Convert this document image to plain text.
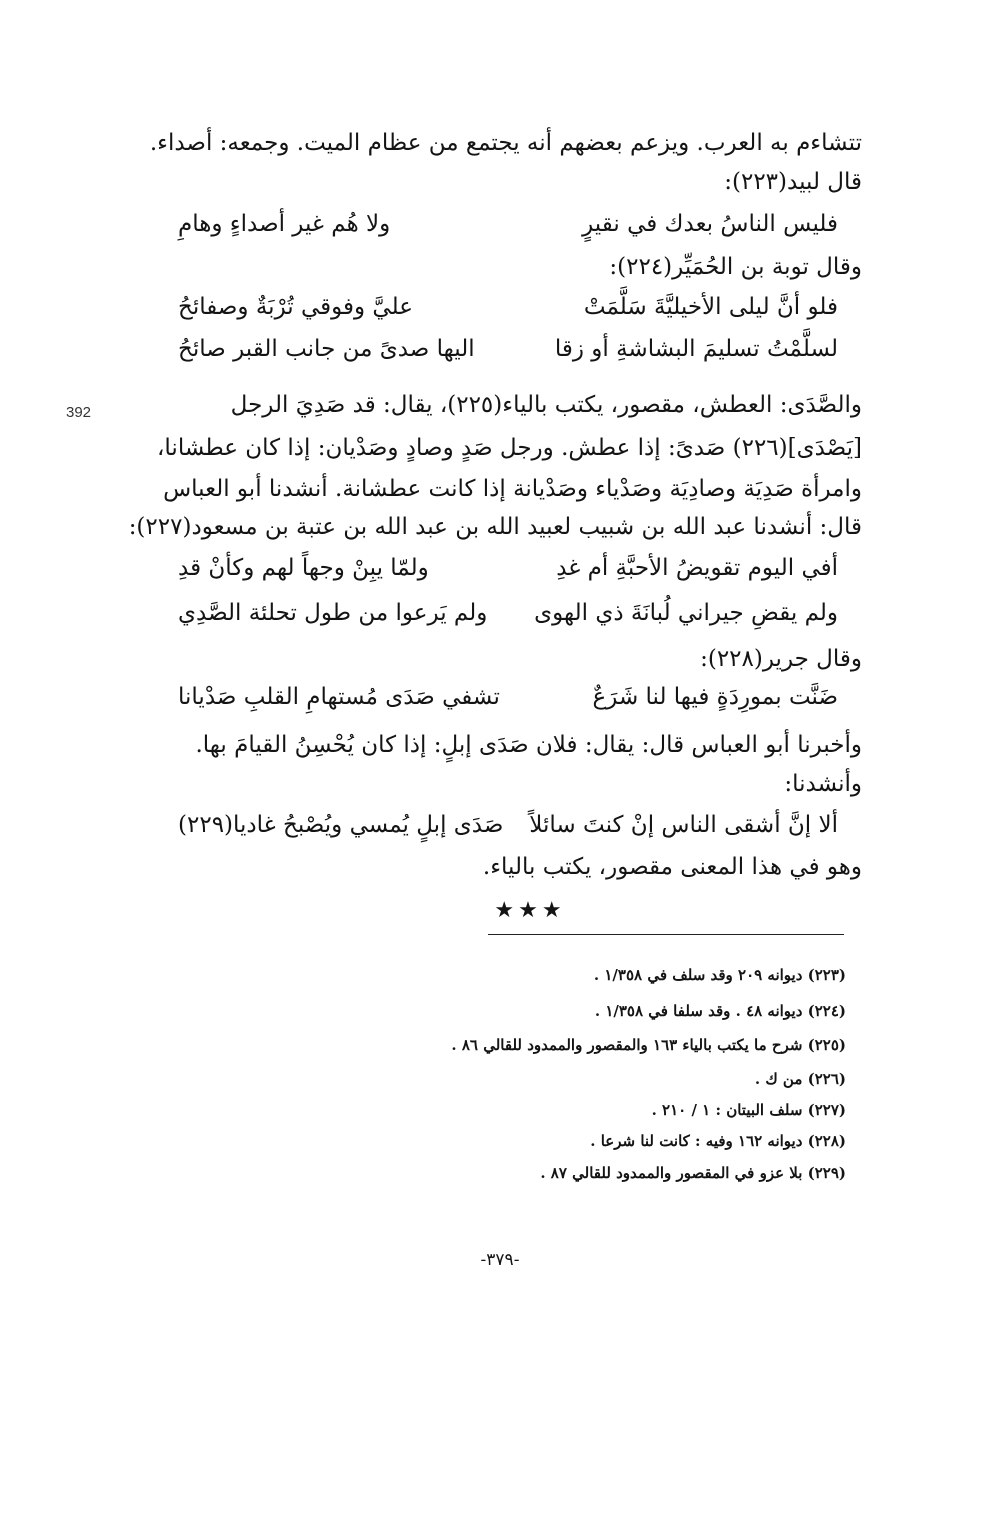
392
تتشاءم به العرب. ويزعم بعضهم أنه يجتمع من عظام الميت. وجمعه: أصداء.
قال لبيد(٢٢٣):
فليس الناسُ بعدك في نقيرٍ
ولا هُم غير أصداءٍ وهامِ
وقال توبة بن الحُمَيِّر(٢٢٤):
فلو أنَّ ليلى الأخيليَّةَ سَلَّمَتْ
عليَّ وفوقي تُرْبَةٌ وصفائحُ
لسلَّمْتُ تسليمَ البشاشةِ أو زقا
اليها صدىً من جانب القبر صائحُ
والصَّدَى: العطش، مقصور، يكتب بالياء(٢٢٥)، يقال: قد صَدِيَ الرجل
[يَصْدَى](٢٢٦) صَدىً: إذا عطش. ورجل صَدٍ وصادٍ وصَدْيان: إذا كان عطشانا،
وامرأة صَدِيَة وصادِيَة وصَدْياء وصَدْيانة إذا كانت عطشانة. أنشدنا أبو العباس
قال: أنشدنا عبد الله بن شبيب لعبيد الله بن عبد الله بن عتبة بن مسعود(٢٢٧):
أفي اليوم تقويضُ الأحبَّةِ أم غدِ
ولمّا يبِنْ وجهاً لهم وكأنْ قدِ
ولم يقضِ جيراني لُبانَةَ ذي الهوى
ولم يَرعوا من طول تحلئة الصَّدِي
وقال جرير(٢٢٨):
ضَنَّت بمورِدَةٍ فيها لنا شَرَعٌ
تشفي صَدَى مُستهامِ القلبِ صَدْيانا
وأخبرنا أبو العباس قال: يقال: فلان صَدَى إبلٍ: إذا كان يُحْسِنُ القيامَ بها.
وأنشدنا:
ألا إنَّ أشقى الناس إنْ كنتَ سائلاً
صَدَى إبلٍ يُمسي ويُصْبحُ غاديا(٢٢٩)
وهو في هذا المعنى مقصور، يكتب بالياء.
★★★
(٢٢٣) ديوانه ٢٠٩ وقد سلف في ١/٣٥٨ .
(٢٢٤) ديوانه ٤٨ . وقد سلفا في ١/٣٥٨ .
(٢٢٥) شرح ما يكتب بالياء ١٦٣ والمقصور والممدود للقالي ٨٦ .
(٢٢٦) من ك .
(٢٢٧) سلف البيتان : ١ / ٢١٠ .
(٢٢٨) ديوانه ١٦٢ وفيه : كانت لنا شرعا .
(٢٢٩) بلا عزو في المقصور والممدود للقالي ٨٧ .
-٣٧٩-
